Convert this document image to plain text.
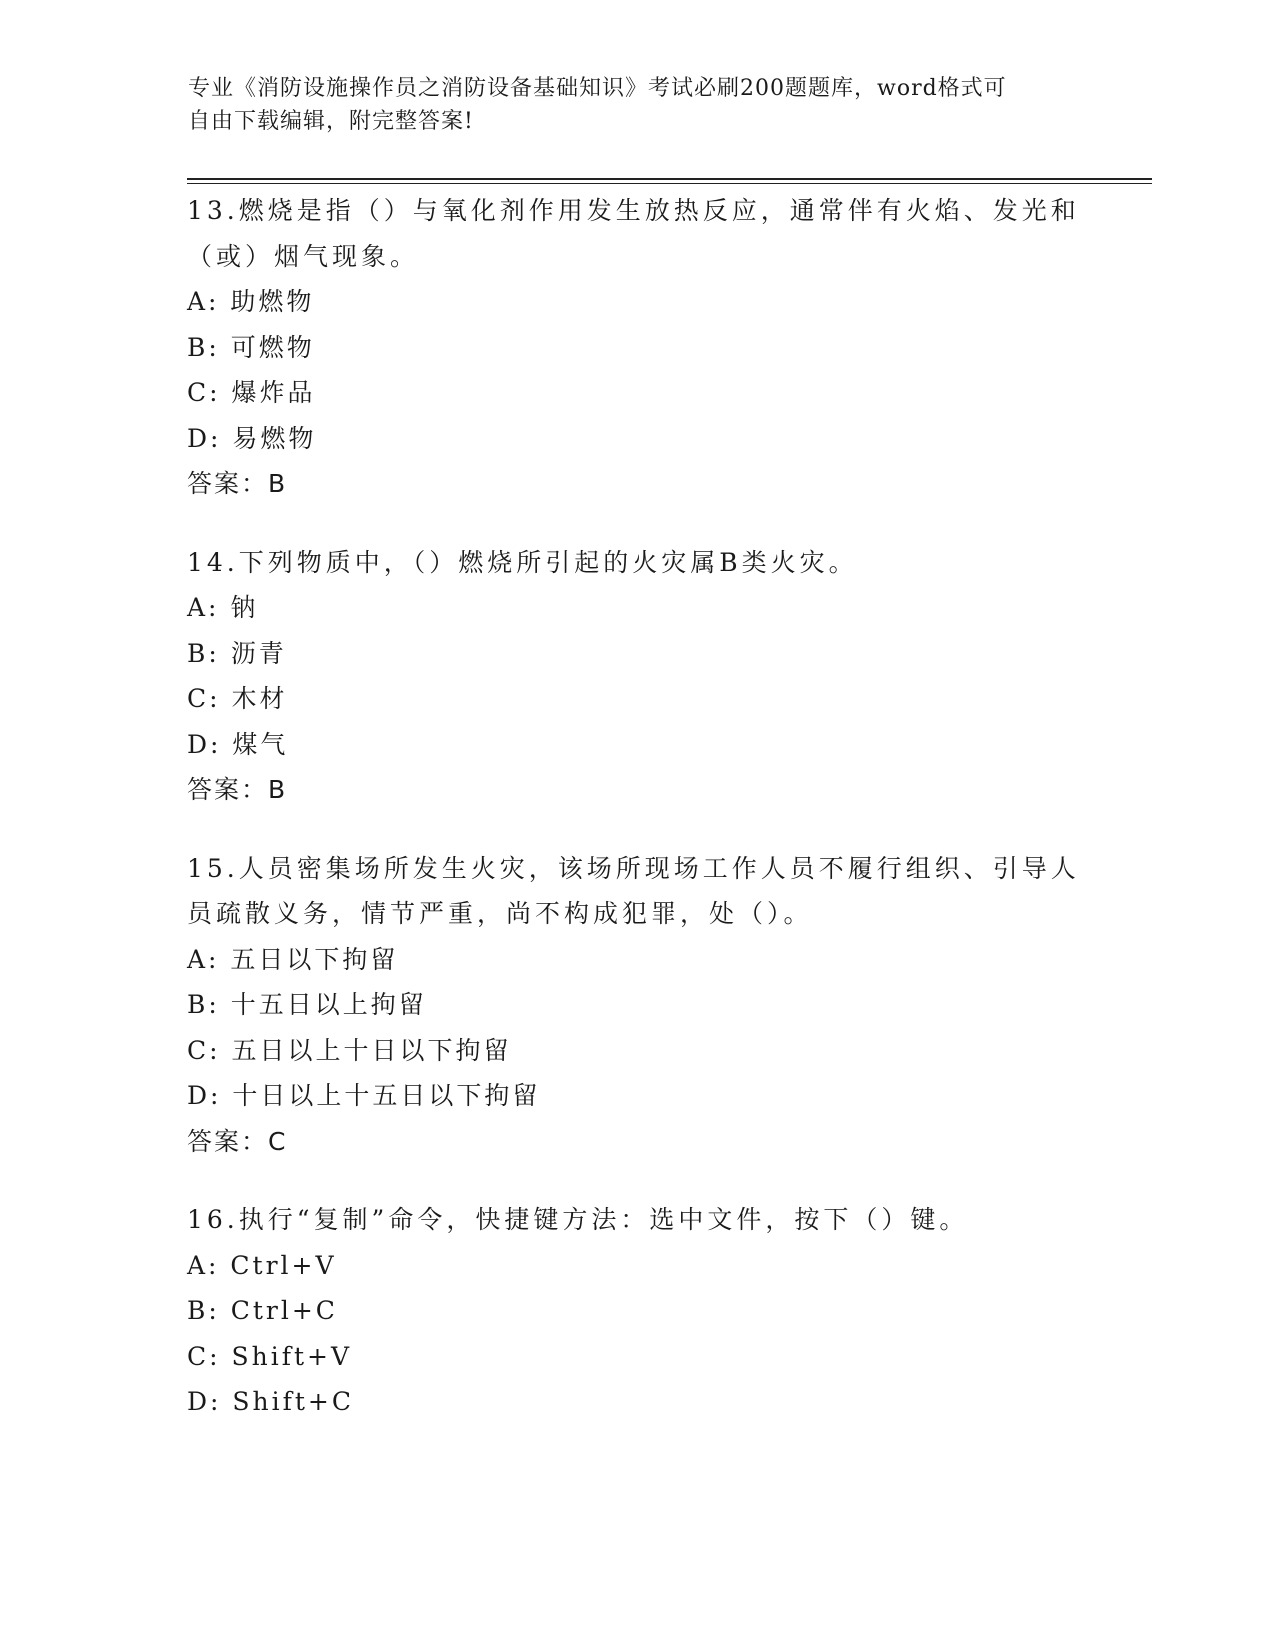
专业《消防设施操作员之消防设备基础知识》考试必刷200题题库，word格式可
自由下载编辑，附完整答案!
13.燃烧是指（）与氧化剂作用发生放热反应，通常伴有火焰、发光和
（或）烟气现象。
A: 助燃物
B: 可燃物
C: 爆炸品
D: 易燃物
答案：B
14.下列物质中，（）燃烧所引起的火灾属B类火灾。
A: 钠
B: 沥青
C: 木材
D: 煤气
答案：B
15.人员密集场所发生火灾，该场所现场工作人员不履行组织、引导人
员疏散义务，情节严重，尚不构成犯罪，处（）。
A: 五日以下拘留
B: 十五日以上拘留
C: 五日以上十日以下拘留
D: 十日以上十五日以下拘留
答案：C
16.执行“复制”命令，快捷键方法：选中文件，按下（）键。
A: Ctrl+V
B: Ctrl+C
C: Shift+V
D: Shift+C
